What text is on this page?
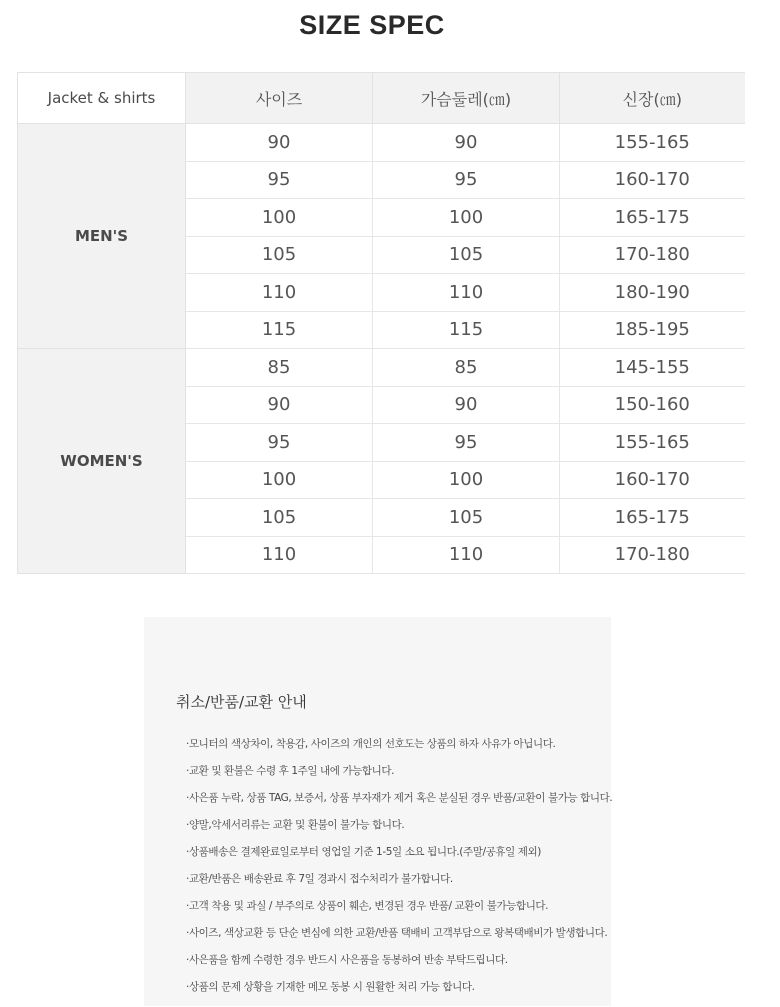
SIZE SPEC
Jacket & shirts	사이즈	가슴둘레(㎝)	신장(㎝)
MEN'S	90	90	155-165
	95	95	160-170
	100	100	165-175
	105	105	170-180
	110	110	180-190
	115	115	185-195
WOMEN'S	85	85	145-155
	90	90	150-160
	95	95	155-165
	100	100	160-170
	105	105	165-175
	110	110	170-180
취소/반품/교환 안내
·모니터의 색상차이, 착용감, 사이즈의 개인의 선호도는 상품의 하자 사유가 아닙니다.
·교환 및 환불은 수령 후 1주일 내에 가능합니다.
·사은품 누락, 상품 TAG, 보증서, 상품 부자재가 제거 혹은 분실된 경우 반품/교환이 불가능 합니다.
·양말,악세서리류는 교환 및 환불이 불가능 합니다.
·상품배송은 결제완료일로부터 영업일 기준 1-5일 소요 됩니다.(주말/공휴일 제외)
·교환/반품은 배송완료 후 7일 경과시 접수처리가 불가합니다.
·고객 착용 및 과실 / 부주의로 상품이 훼손, 변경된 경우 반품/ 교환이 불가능합니다.
·사이즈, 색상교환 등 단순 변심에 의한 교환/반품 택배비 고객부담으로 왕복택배비가 발생합니다.
·사은품을 함께 수령한 경우 반드시 사은품을 동봉하여 반송 부탁드립니다.
·상품의 문제 상황을 기재한 메모 동봉 시 원활한 처리 가능 합니다.
